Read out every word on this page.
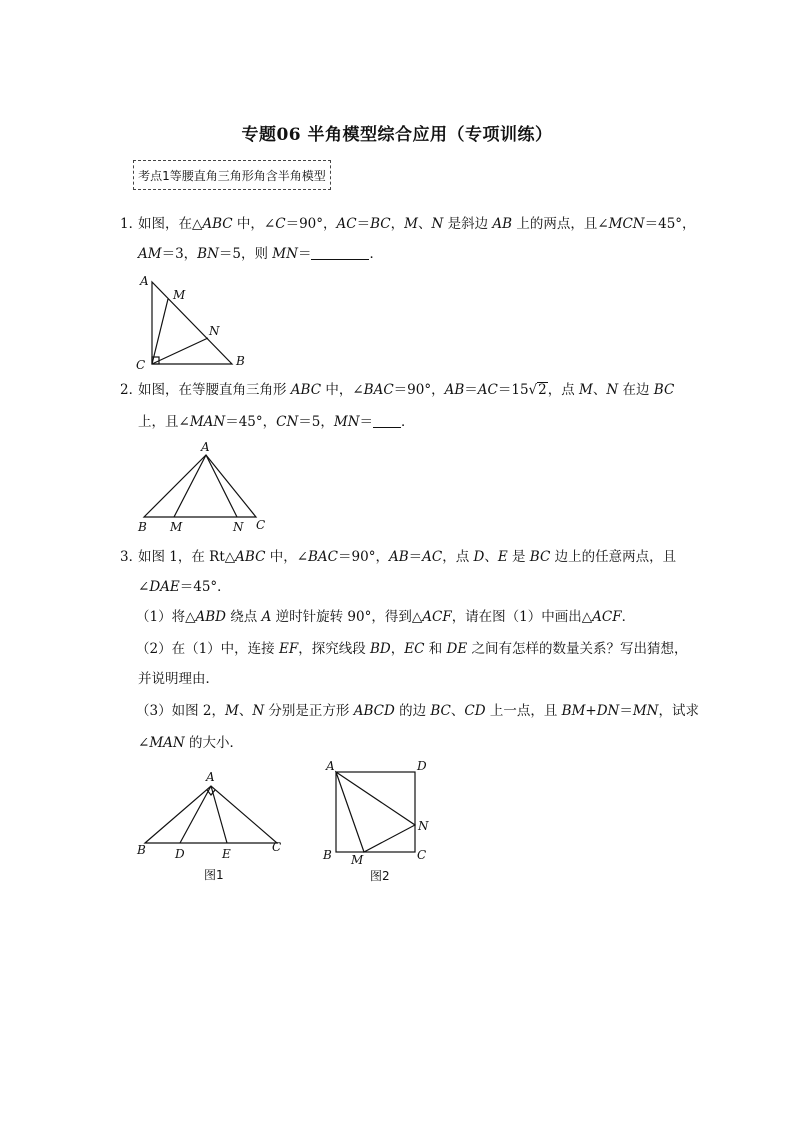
专题06 半角模型综合应用（专项训练）
考点1等腰直角三角形角含半角模型
1．如图，在△ABC 中，∠C＝90°，AC＝BC，M、N 是斜边 AB 上的两点，且∠MCN＝45°，
AM＝3，BN＝5，则 MN＝	．
A
M
N
C	B
2．如图，在等腰直角三角形 ABC 中，∠BAC＝90°，AB＝AC＝15√2，点 M、N 在边 BC
上，且∠MAN＝45°，CN＝5，MN＝ ．
A
B M	N C
3．如图 1，在 Rt△ABC 中，∠BAC＝90°，AB＝AC，点 D、E 是 BC 边上的任意两点，且
∠DAE＝45°．
（1）将△ABD 绕点 A 逆时针旋转 90°，得到△ACF，请在图（1）中画出△ACF．
（2）在（1）中，连接 EF，探究线段 BD，EC 和 DE 之间有怎样的数量关系？写出猜想，
并说明理由．
（3）如图 2，M、N 分别是正方形 ABCD 的边 BC、CD 上一点，且 BM+DN＝MN，试求
∠MAN 的大小．
A
B D	E	C
图1
A	D
N
B M	C
图2
